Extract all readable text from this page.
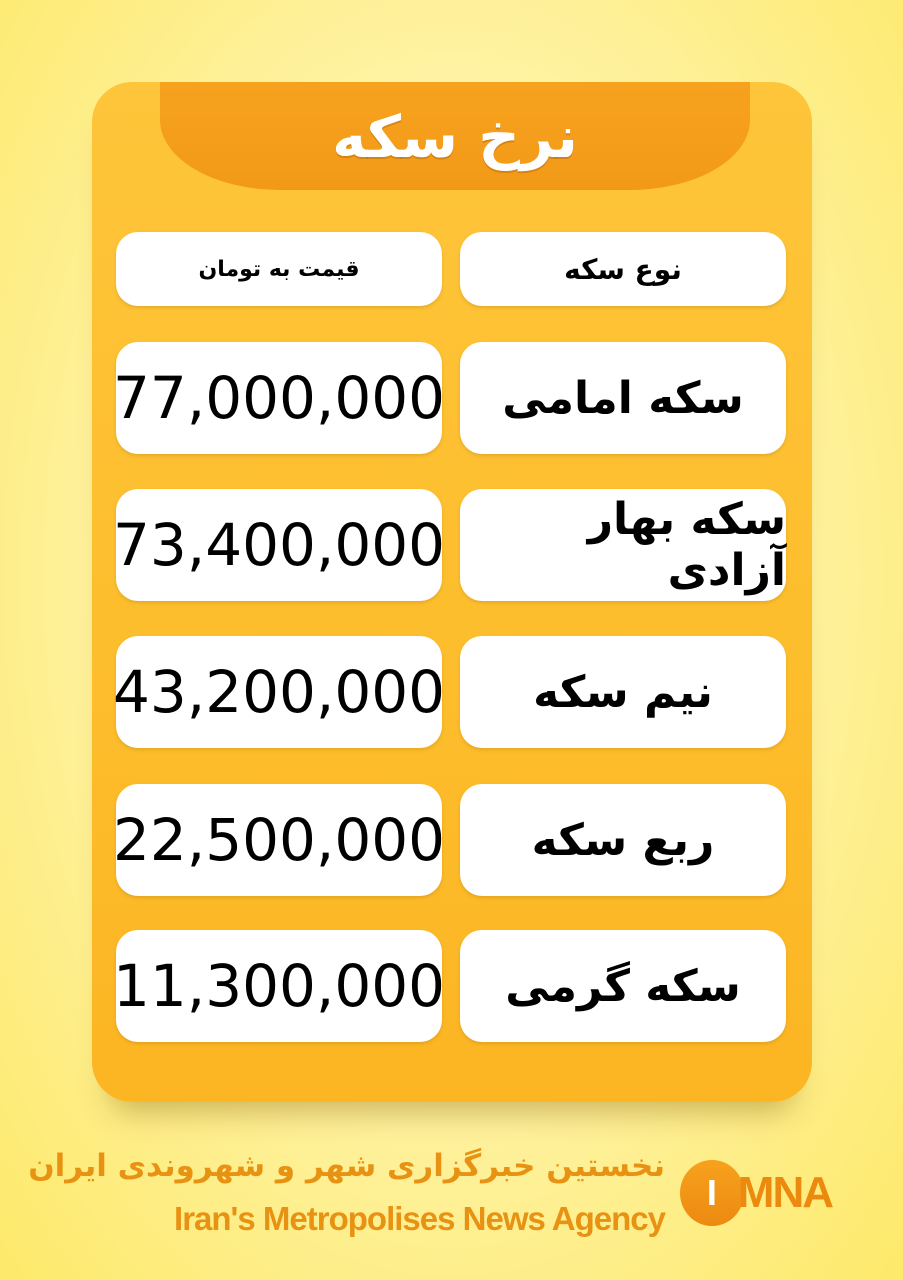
نرخ سکه
قیمت به تومان	نوع سکه
77,000,000	سکه امامی
73,400,000	سکه بهار آزادی
43,200,000	نیم سکه
22,500,000	ربع سکه
11,300,000	سکه گرمی
نخستین خبرگزاری شهر و شهروندی ایران
Iran's Metropolises News Agency
I MNA
